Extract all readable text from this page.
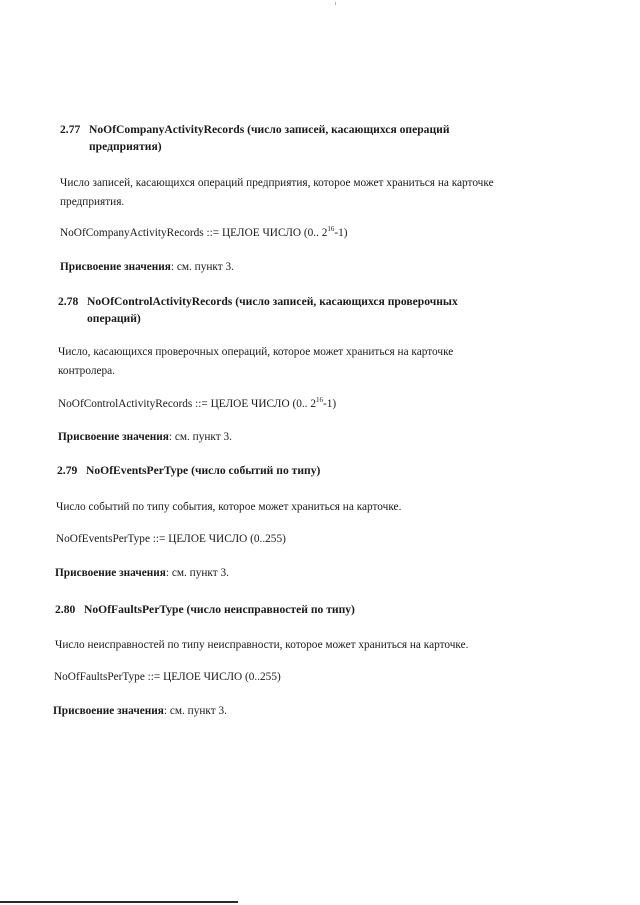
2.77 NoOfCompanyActivityRecords (число записей, касающихся операций
предприятия)
Число записей, касающихся операций предприятия, которое может храниться на карточке
предприятия.
NoOfCompanyActivityRecords ::= ЦЕЛОЕ ЧИСЛО (0.. $2^{16}-1$)
Присвоение значения: см. пункт 3.
2.78 NoOfControlActivityRecords (число записей, касающихся проверочных
операций)
Число, касающихся проверочных операций, которое может храниться на карточке
контролера.
NoOfControlActivityRecords ::= ЦЕЛОЕ ЧИСЛО (0.. $2^{16}-1$)
Присвоение значения: см. пункт 3.
2.79 NoOfEventsPerType (число событий по типу)
Число событий по типу события, которое может храниться на карточке.
NoOfEventsPerType ::= ЦЕЛОЕ ЧИСЛО (0..255)
Присвоение значения: см. пункт 3.
2.80 NoOfFaultsPerType (число неисправностей по типу)
Число неисправностей по типу неисправности, которое может храниться на карточке.
NoOfFaultsPerType ::= ЦЕЛОЕ ЧИСЛО (0..255)
Присвоение значения: см. пункт 3.
